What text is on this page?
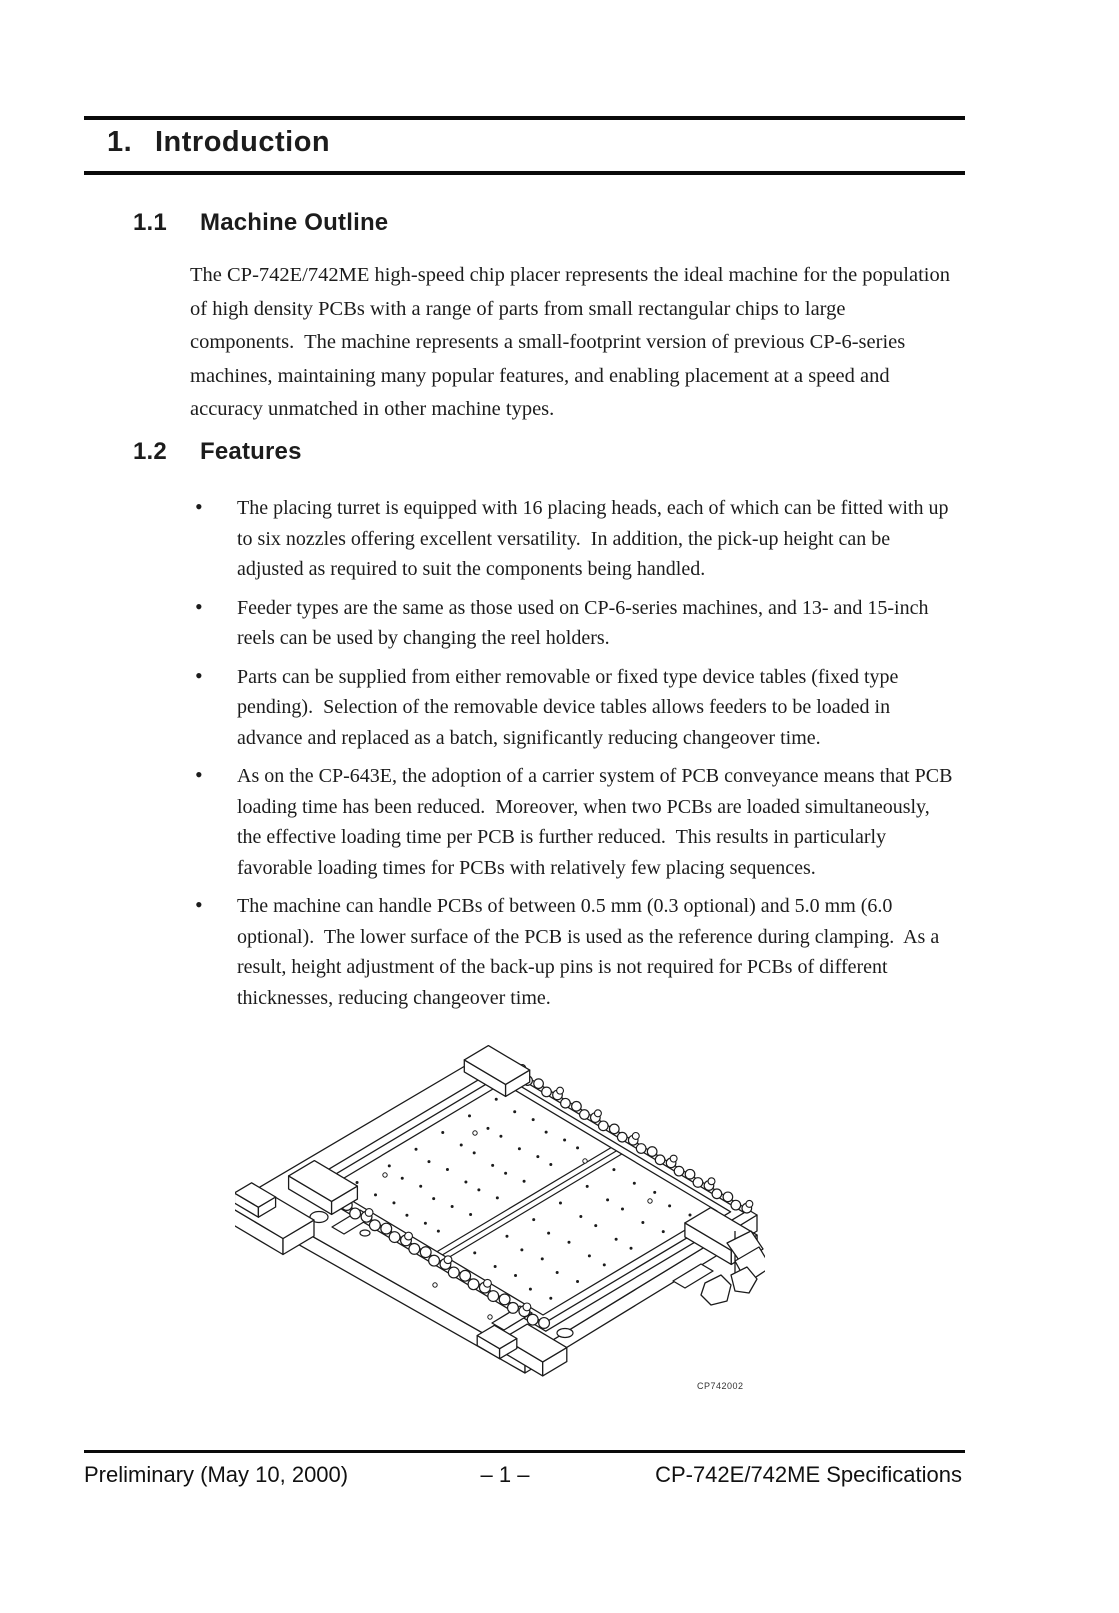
1. Introduction
1.1	Machine Outline
The CP-742E/742ME high-speed chip placer represents the ideal machine for the population of high density PCBs with a range of parts from small rectangular chips to large components.  The machine represents a small-footprint version of previous CP-6-series machines, maintaining many popular features, and enabling placement at a speed and accuracy unmatched in other machine types.
1.2	Features
• The placing turret is equipped with 16 placing heads, each of which can be fitted with up to six nozzles offering excellent versatility.  In addition, the pick-up height can be adjusted as required to suit the components being handled.
• Feeder types are the same as those used on CP-6-series machines, and 13- and 15-inch reels can be used by changing the reel holders.
• Parts can be supplied from either removable or fixed type device tables (fixed type pending).  Selection of the removable device tables allows feeders to be loaded in advance and replaced as a batch, significantly reducing changeover time.
• As on the CP-643E, the adoption of a carrier system of PCB conveyance means that PCB loading time has been reduced.  Moreover, when two PCBs are loaded simultaneously, the effective loading time per PCB is further reduced.  This results in particularly favorable loading times for PCBs with relatively few placing sequences.
• The machine can handle PCBs of between 0.5 mm (0.3 optional) and 5.0 mm (6.0 optional).  The lower surface of the PCB is used as the reference during clamping.  As a result, height adjustment of the back-up pins is not required for PCBs of different thicknesses, reducing changeover time.
CP742002
Preliminary (May 10, 2000)	– 1 –	CP-742E/742ME Specifications
